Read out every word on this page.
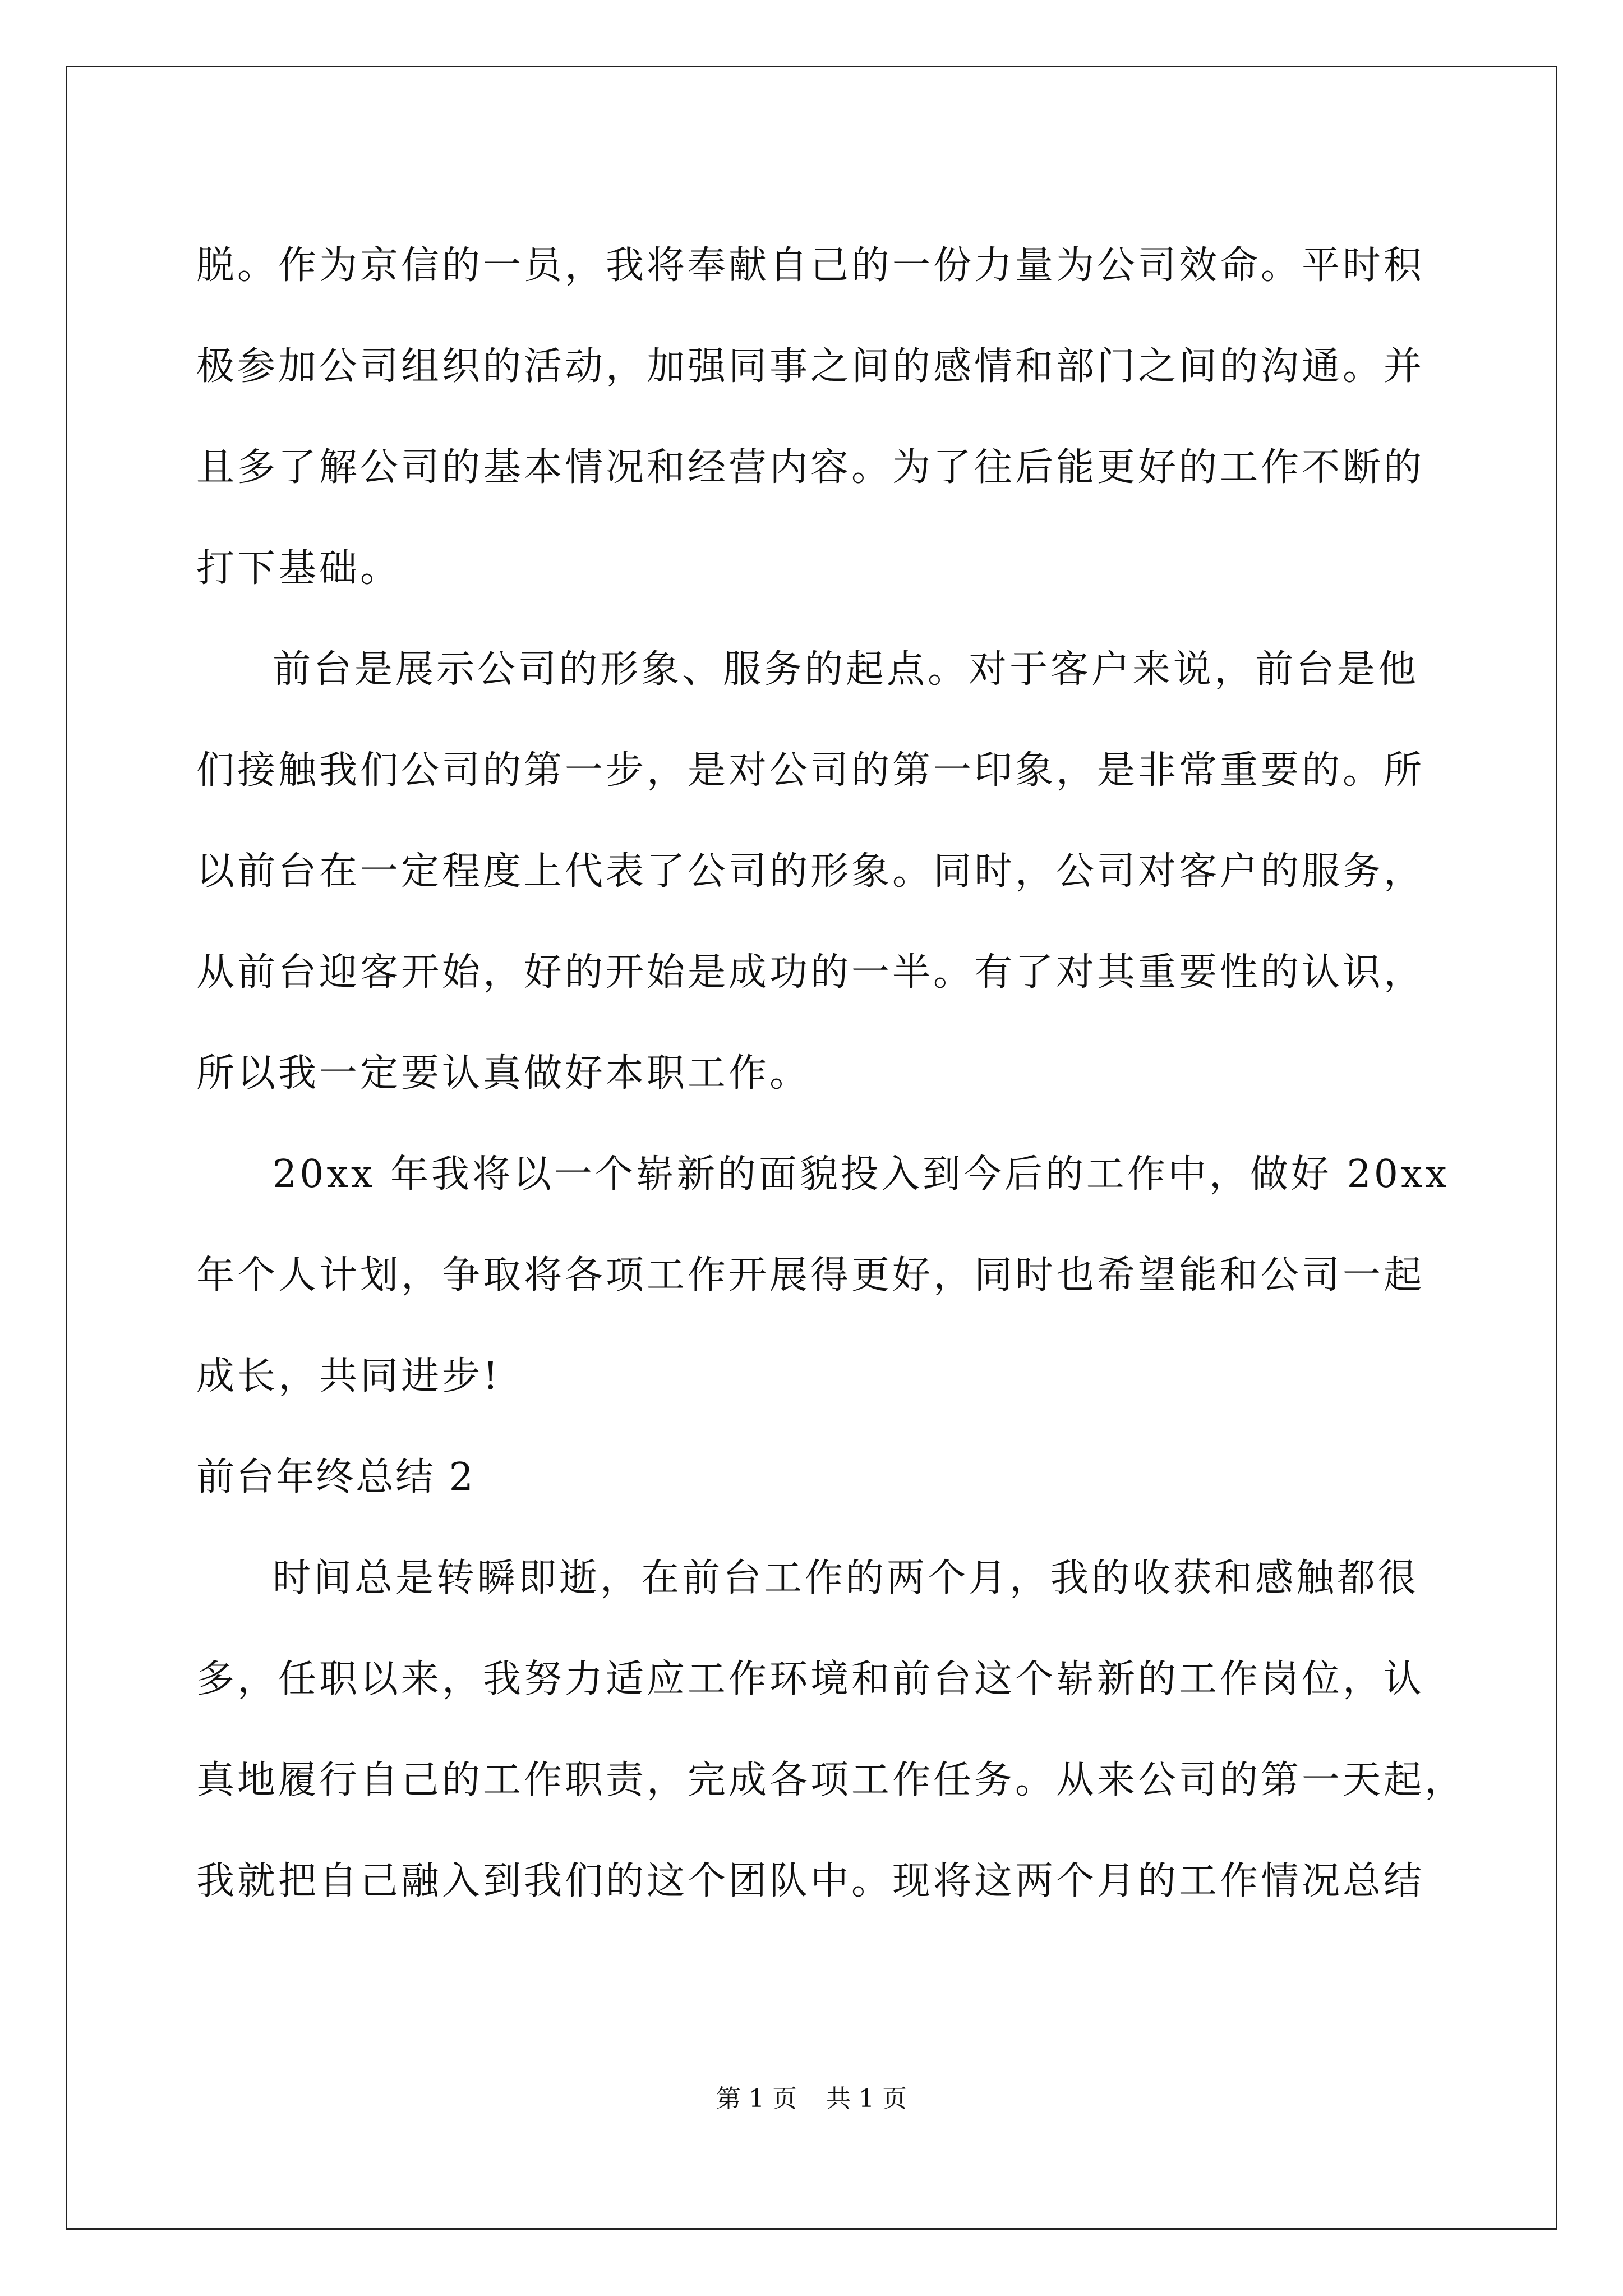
脱。作为京信的一员，我将奉献自己的一份力量为公司效命。平时积
极参加公司组织的活动，加强同事之间的感情和部门之间的沟通。并
且多了解公司的基本情况和经营内容。为了往后能更好的工作不断的
打下基础。
前台是展示公司的形象、服务的起点。对于客户来说，前台是他
们接触我们公司的第一步，是对公司的第一印象，是非常重要的。所
以前台在一定程度上代表了公司的形象。同时，公司对客户的服务，
从前台迎客开始，好的开始是成功的一半。有了对其重要性的认识，
所以我一定要认真做好本职工作。
20xx 年我将以一个崭新的面貌投入到今后的工作中，做好 20xx
年个人计划，争取将各项工作开展得更好，同时也希望能和公司一起
成长，共同进步!
前台年终总结 2
时间总是转瞬即逝，在前台工作的两个月，我的收获和感触都很
多，任职以来，我努力适应工作环境和前台这个崭新的工作岗位，认
真地履行自己的工作职责，完成各项工作任务。从来公司的第一天起，
我就把自己融入到我们的这个团队中。现将这两个月的工作情况总结
第 1 页 共 1 页
